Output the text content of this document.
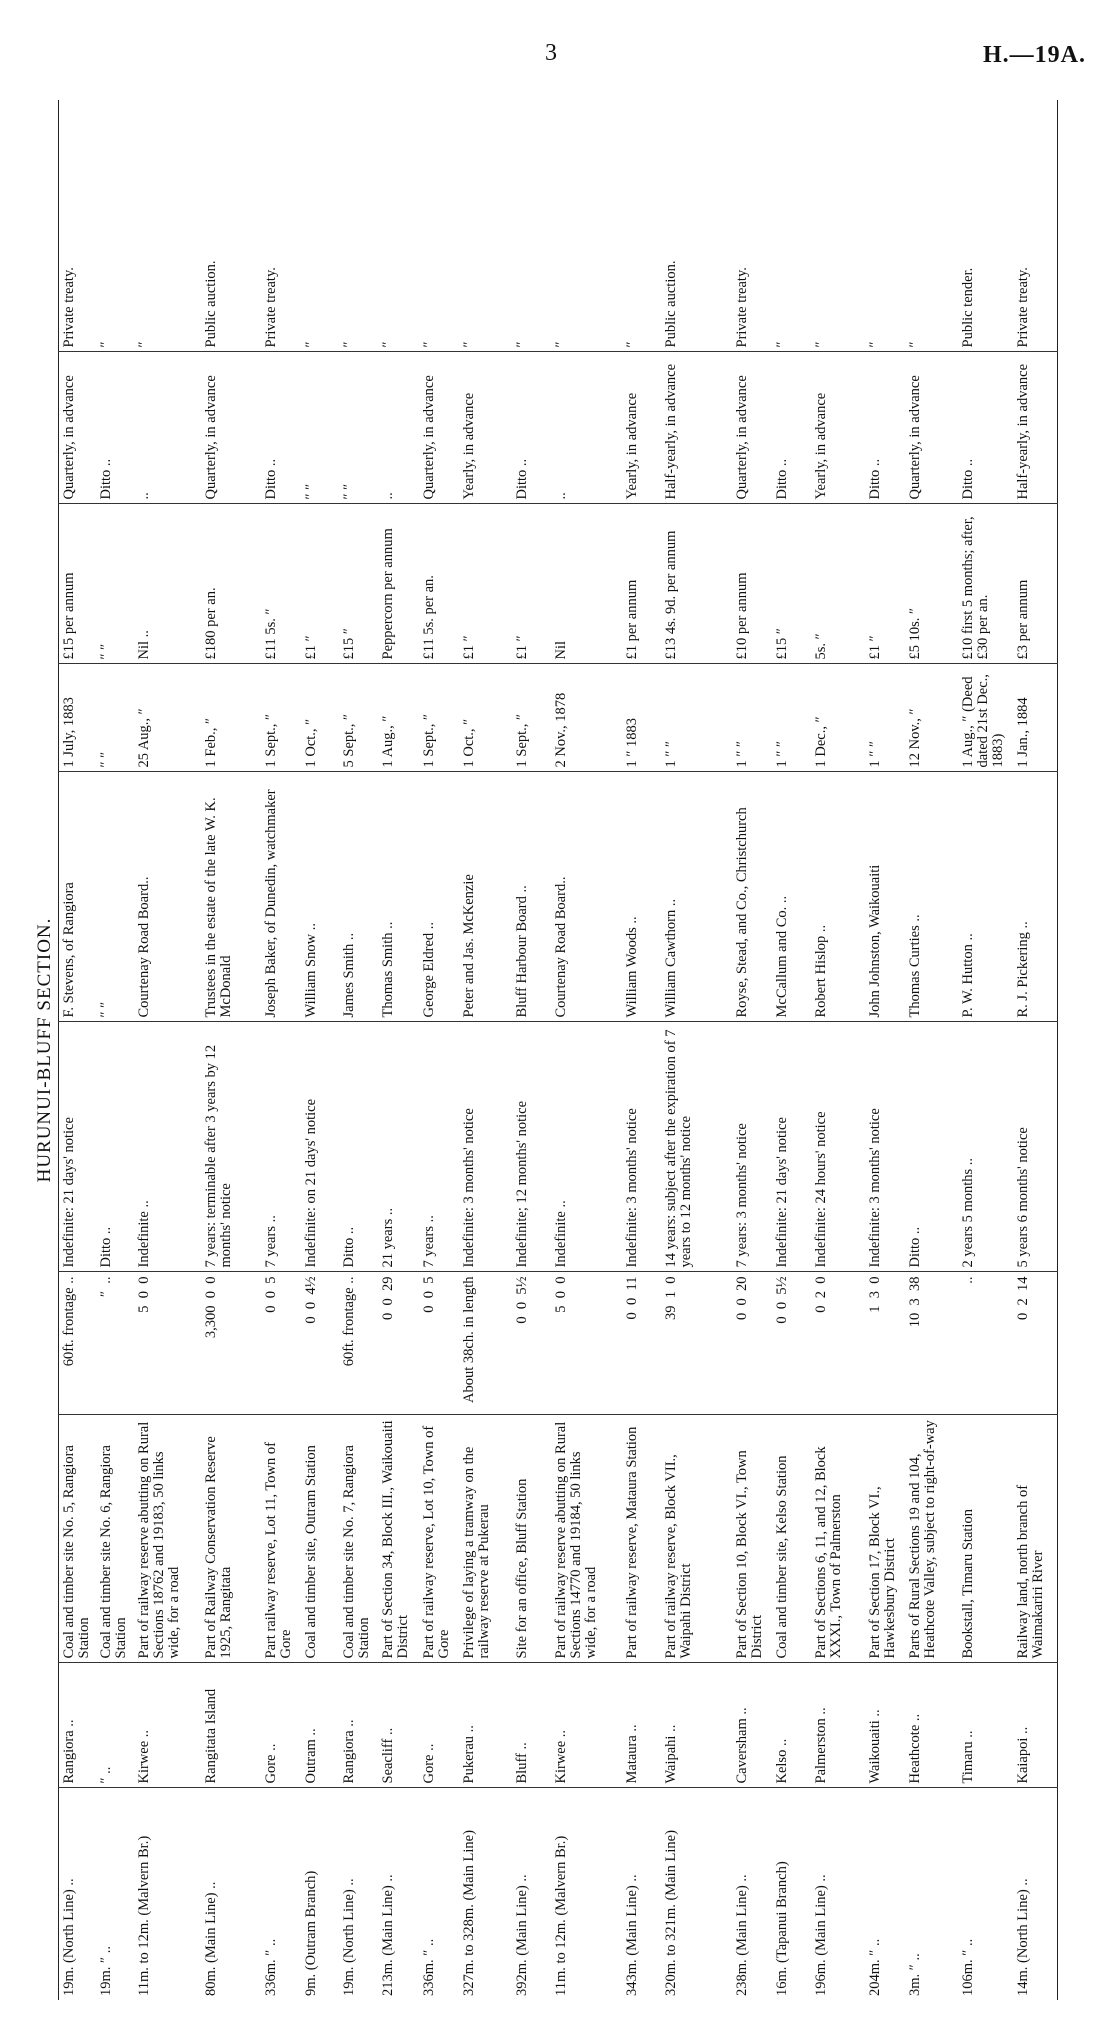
3	H.—19A.
HURUNUI-BLUFF SECTION.
19m. (North Line) ..	Rangiora ..	Coal and timber site No. 5, Rangiora Station	60ft. frontage ..	Indefinite: 21 days' notice	F. Stevens, of Rangiora	1 July, 1883	£15 per annum	Quarterly, in advance	Private treaty.
19m. ″ ..	″ ..	Coal and timber site No. 6, Rangiora Station	″  ..	Ditto ..	″ ″	″ ″	″ ″	Ditto ..	″
11m. to 12m. (Malvern Br.)	Kirwee ..	Part of railway reserve abutting on Rural Sections 18762 and 19183, 50 links wide, for a road	5  0  0	Indefinite ..	Courtenay Road Board..	25 Aug., ″	Nil ..	..	″
80m. (Main Line) ..	Rangitata Island	Part of Railway Conservation Reserve 1925, Rangitata	3,300  0  0	7 years: terminable after 3 years by 12 months' notice	Trustees in the estate of the late W. K. McDonald	1 Feb., ″	£180 per an.	Quarterly, in advance	Public auction.
336m. ″ ..	Gore ..	Part railway reserve, Lot 11, Town of Gore	0  0  5	7 years ..	Joseph Baker, of Dunedin, watchmaker	1 Sept., ″	£11 5s. ″	Ditto ..	Private treaty.
9m. (Outram Branch)	Outram ..	Coal and timber site, Outram Station	0  0  4½	Indefinite: on 21 days' notice	William Snow ..	1 Oct., ″	£1 ″	″ ″	″
19m. (North Line) ..	Rangiora ..	Coal and timber site No. 7, Rangiora Station	60ft. frontage ..	Ditto ..	James Smith ..	5 Sept., ″	£15 ″	″ ″	″
213m. (Main Line) ..	Seacliff ..	Part of Section 34, Block III., Waikouaiti District	0  0  29	21 years ..	Thomas Smith ..	1 Aug., ″	Peppercorn per annum	..	″
336m. ″ ..	Gore ..	Part of railway reserve, Lot 10, Town of Gore	0  0  5	7 years ..	George Eldred ..	1 Sept., ″	£11 5s. per an.	Quarterly, in advance	″
327m. to 328m. (Main Line)	Pukerau ..	Privilege of laying a tramway on the railway reserve at Pukerau	About 38ch. in length	Indefinite: 3 months' notice	Peter and Jas. McKenzie	1 Oct., ″	£1 ″	Yearly, in advance	″
392m. (Main Line) ..	Bluff ..	Site for an office, Bluff Station	0  0  5½	Indefinite; 12 months' notice	Bluff Harbour Board ..	1 Sept., ″	£1 ″	Ditto ..	″
11m. to 12m. (Malvern Br.)	Kirwee ..	Part of railway reserve abutting on Rural Sections 14770 and 19184, 50 links wide, for a road	5  0  0	Indefinite ..	Courtenay Road Board..	2 Nov., 1878	Nil	..	″
343m. (Main Line) ..	Mataura ..	Part of railway reserve, Mataura Station	0  0  11	Indefinite: 3 months' notice	William Woods ..	1 ″ 1883	£1 per annum	Yearly, in advance	″
320m. to 321m. (Main Line)	Waipahi ..	Part of railway reserve, Block VII., Waipahi District	39  1  0	14 years: subject after the expiration of 7 years to 12 months' notice	William Cawthorn ..	1 ″ ″	£13 4s. 9d. per annum	Half-yearly, in advance	Public auction.
238m. (Main Line) ..	Caversham ..	Part of Section 10, Block VI., Town District	0  0  20	7 years: 3 months' notice	Royse, Stead, and Co., Christchurch	1 ″ ″	£10 per annum	Quarterly, in advance	Private treaty.
16m. (Tapanui Branch)	Kelso ..	Coal and timber site, Kelso Station	0  0  5½	Indefinite: 21 days' notice	McCallum and Co. ..	1 ″ ″	£15 ″	Ditto ..	″
196m. (Main Line) ..	Palmerston ..	Part of Sections 6, 11, and 12, Block XXXI., Town of Palmerston	0  2  0	Indefinite: 24 hours' notice	Robert Hislop ..	1 Dec., ″	5s. ″	Yearly, in advance	″
204m. ″ ..	Waikouaiti ..	Part of Section 17, Block VI., Hawkesbury District	1  3  0	Indefinite: 3 months' notice	John Johnston, Waikouaiti	1 ″ ″	£1 ″	Ditto ..	″
3m. ″ ..	Heathcote ..	Parts of Rural Sections 19 and 104, Heathcote Valley, subject to right-of-way	10  3  38	Ditto ..	Thomas Curties ..	12 Nov., ″	£5 10s. ″	Quarterly, in advance	″
106m. ″ ..	Timaru ..	Bookstall, Timaru Station	..	2 years 5 months ..	P. W. Hutton ..	1 Aug., ″ (Deed dated 21st Dec., 1883)	£10 first 5 months; after, £30 per an.	Ditto ..	Public tender.
14m. (North Line) ..	Kaiapoi ..	Railway land, north branch of Waimakariri River	0  2  14	5 years 6 months' notice	R. J. Pickering ..	1 Jan., 1884	£3 per annum	Half-yearly, in advance	Private treaty.
